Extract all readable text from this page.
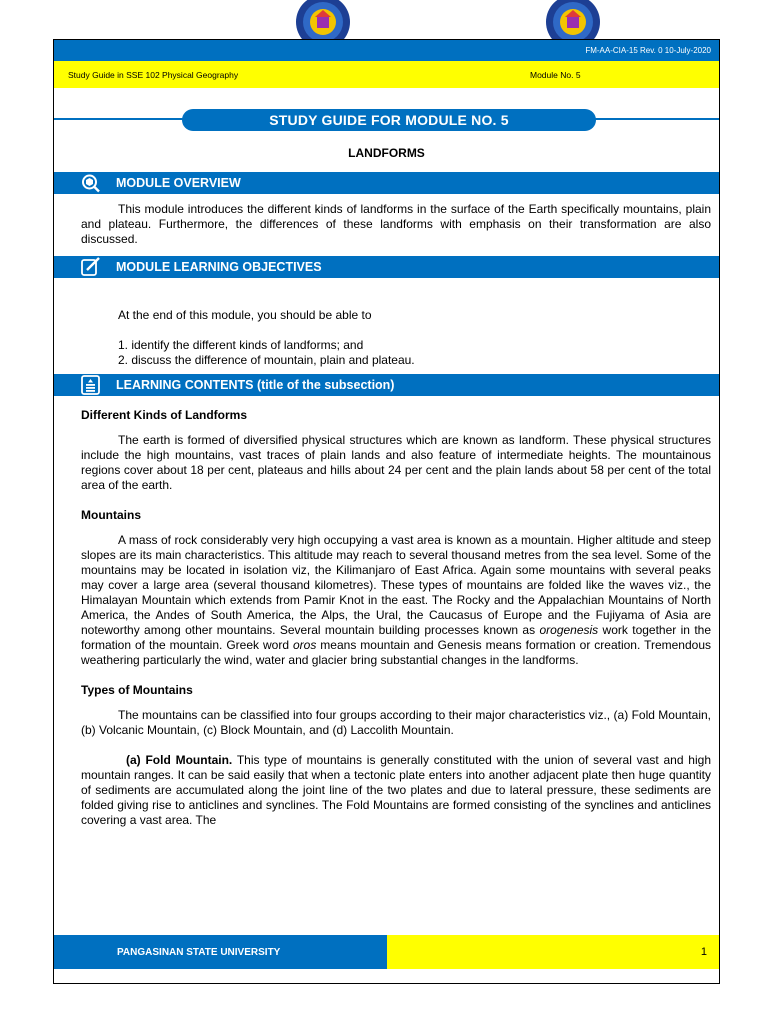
FM-AA-CIA-15 Rev. 0 10-July-2020
Study Guide in SSE 102 Physical Geography	Module No. 5
STUDY GUIDE FOR MODULE NO. 5
LANDFORMS
MODULE OVERVIEW

This module introduces the different kinds of landforms in the surface of the Earth specifically mountains, plain and plateau. Furthermore, the differences of these landforms with emphasis on their transformation are also discussed.

MODULE LEARNING OBJECTIVES

At the end of this module, you should be able to

1. identify the different kinds of landforms; and

2. discuss the difference of mountain, plain and plateau.

LEARNING CONTENTS (title of the subsection)
Different Kinds of Landforms

The earth is formed of diversified physical structures which are known as landform. These physical structures include the high mountains, vast traces of plain lands and also feature of intermediate heights. The mountainous regions cover about 18 per cent, plateaus and hills about 24 per cent and the plain lands about 58 per cent of the total area of the earth.

Mountains

A mass of rock considerably very high occupying a vast area is known as a mountain. Higher altitude and steep slopes are its main characteristics. This altitude may reach to several thousand metres from the sea level. Some of the mountains may be located in isolation viz, the Kilimanjaro of East Africa. Again some mountains with several peaks may cover a large area (several thousand kilometres). These types of mountains are folded like the waves viz., the Himalayan Mountain which extends from Pamir Knot in the east. The Rocky and the Appalachian Mountains of North America, the Andes of South America, the Alps, the Ural, the Caucasus of Europe and the Fujiyama of Asia are noteworthy among other mountains. Several mountain building processes known as orogenesis work together in the formation of the mountain. Greek word oros means mountain and Genesis means formation or creation. Tremendous weathering particularly the wind, water and glacier bring substantial changes in the landforms.

Types of Mountains

The mountains can be classified into four groups according to their major characteristics viz., (a) Fold Mountain, (b) Volcanic Mountain, (c) Block Mountain, and (d) Laccolith Mountain.

(a) Fold Mountain. This type of mountains is generally constituted with the union of several vast and high mountain ranges. It can be said easily that when a tectonic plate enters into another adjacent plate then huge quantity of sediments are accumulated along the joint line of the two plates and due to lateral pressure, these sediments are folded giving rise to anticlines and synclines. The Fold Mountains are formed consisting of the synclines and anticlines covering a vast area. The

PANGASINAN STATE UNIVERSITY	1
